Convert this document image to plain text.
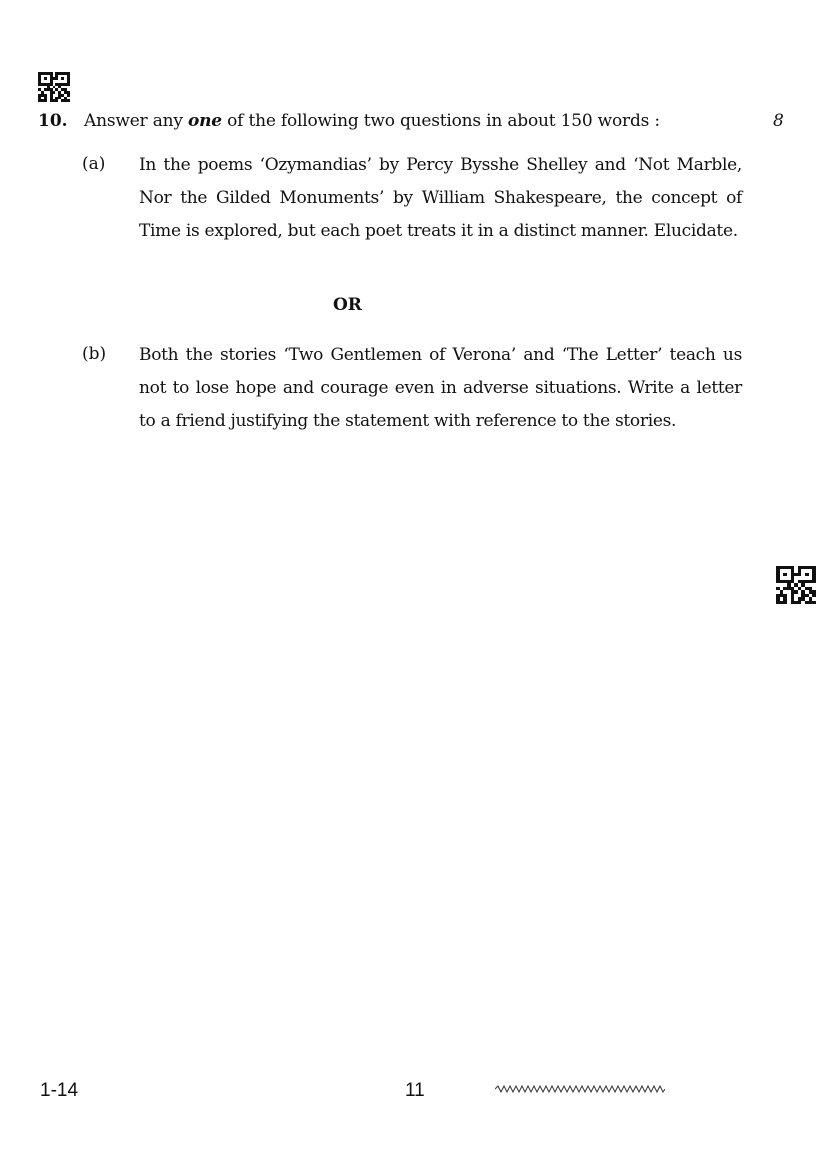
10. Answer any one of the following two questions in about 150 words :	8
(a) In the poems ‘Ozymandias’ by Percy Bysshe Shelley and ‘Not Marble, Nor the Gilded Monuments’ by William Shakespeare, the concept of Time is explored, but each poet treats it in a distinct manner. Elucidate.
OR
(b) Both the stories ‘Two Gentlemen of Verona’ and ‘The Letter’ teach us not to lose hope and courage even in adverse situations. Write a letter to a friend justifying the statement with reference to the stories.
1-14	11
